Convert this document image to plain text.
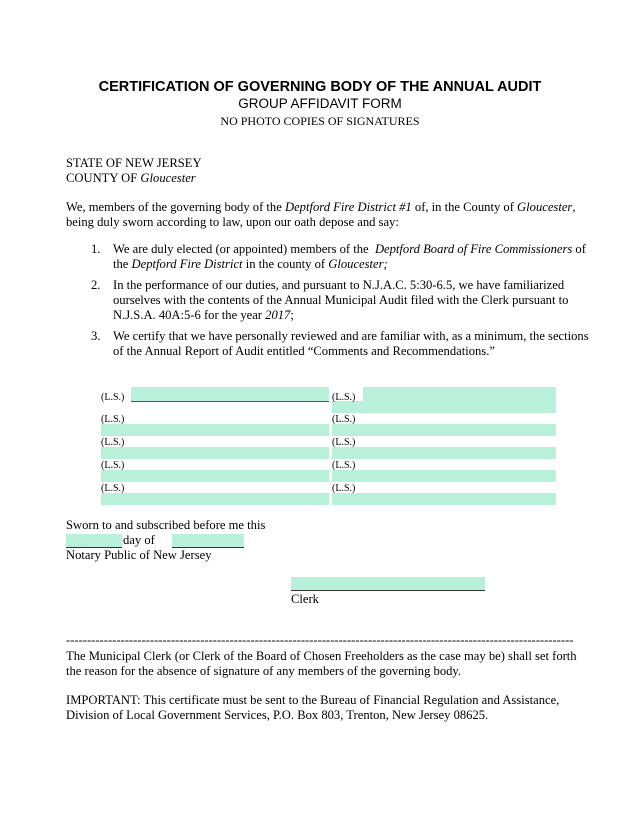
CERTIFICATION OF GOVERNING BODY OF THE ANNUAL AUDIT
GROUP AFFIDAVIT FORM
NO PHOTO COPIES OF SIGNATURES
STATE OF NEW JERSEY
COUNTY OF Gloucester
We, members of the governing body of the Deptford Fire District #1 of, in the County of Gloucester,
being duly sworn according to law, upon our oath depose and say:
1. We are duly elected (or appointed) members of the Deptford Board of Fire Commissioners of
the Deptford Fire District in the county of Gloucester;
2. In the performance of our duties, and pursuant to N.J.A.C. 5:30-6.5, we have familiarized
ourselves with the contents of the Annual Municipal Audit filed with the Clerk pursuant to
N.J.S.A. 40A:5-6 for the year 2017;
3. We certify that we have personally reviewed and are familiar with, as a minimum, the sections
of the Annual Report of Audit entitled “Comments and Recommendations.”
(L.S.)	(L.S.)
(L.S.)	(L.S.)
(L.S.)	(L.S.)
(L.S.)	(L.S.)
(L.S.)	(L.S.)
Sworn to and subscribed before me this
day of
Notary Public of New Jersey
Clerk
-------------------------------------------------------------------------------------------------------------------------
The Municipal Clerk (or Clerk of the Board of Chosen Freeholders as the case may be) shall set forth
the reason for the absence of signature of any members of the governing body.
IMPORTANT: This certificate must be sent to the Bureau of Financial Regulation and Assistance,
Division of Local Government Services, P.O. Box 803, Trenton, New Jersey 08625.
